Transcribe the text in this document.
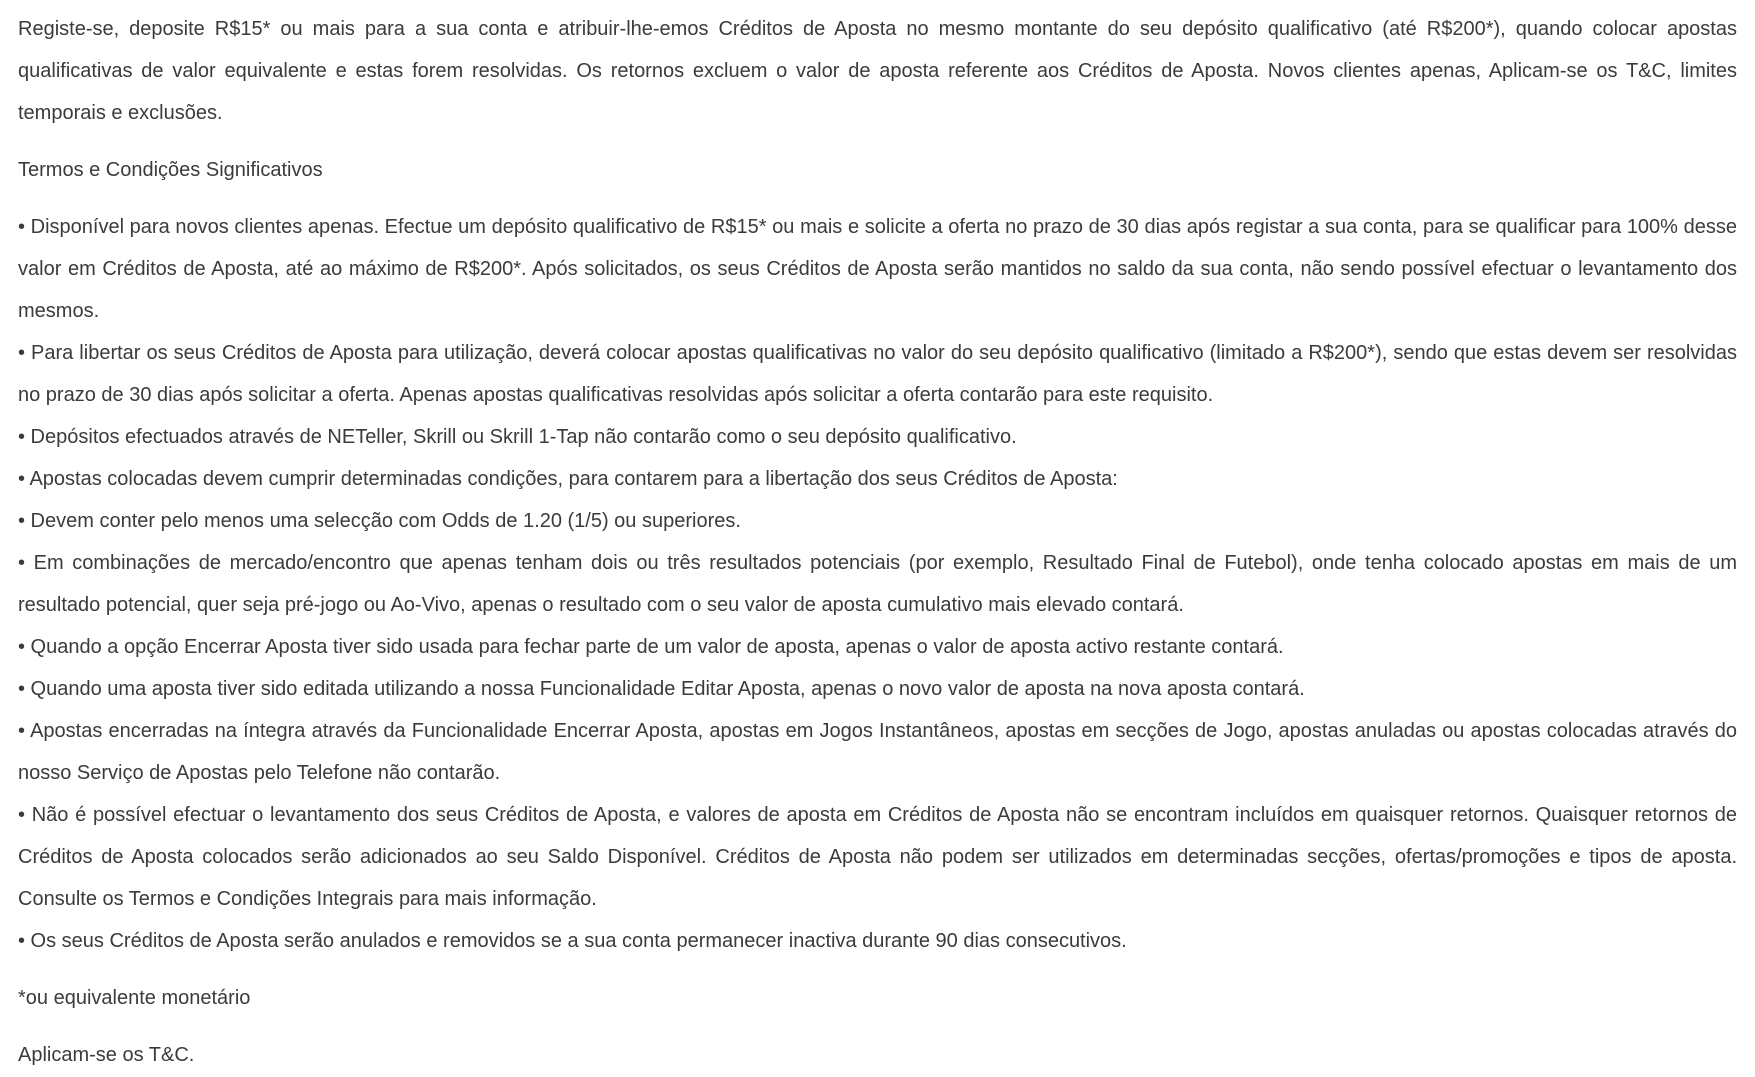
Registe-se, deposite R$15* ou mais para a sua conta e atribuir-lhe-emos Créditos de Aposta no mesmo montante do seu depósito qualificativo (até R$200*), quando colocar apostas qualificativas de valor equivalente e estas forem resolvidas. Os retornos excluem o valor de aposta referente aos Créditos de Aposta. Novos clientes apenas, Aplicam-se os T&C, limites temporais e exclusões.

Termos e Condições Significativos

• Disponível para novos clientes apenas. Efectue um depósito qualificativo de R$15* ou mais e solicite a oferta no prazo de 30 dias após registar a sua conta, para se qualificar para 100% desse valor em Créditos de Aposta, até ao máximo de R$200*. Após solicitados, os seus Créditos de Aposta serão mantidos no saldo da sua conta, não sendo possível efectuar o levantamento dos mesmos.

• Para libertar os seus Créditos de Aposta para utilização, deverá colocar apostas qualificativas no valor do seu depósito qualificativo (limitado a R$200*), sendo que estas devem ser resolvidas no prazo de 30 dias após solicitar a oferta. Apenas apostas qualificativas resolvidas após solicitar a oferta contarão para este requisito.

• Depósitos efectuados através de NETeller, Skrill ou Skrill 1-Tap não contarão como o seu depósito qualificativo.

• Apostas colocadas devem cumprir determinadas condições, para contarem para a libertação dos seus Créditos de Aposta:

• Devem conter pelo menos uma selecção com Odds de 1.20 (1/5) ou superiores.

• Em combinações de mercado/encontro que apenas tenham dois ou três resultados potenciais (por exemplo, Resultado Final de Futebol), onde tenha colocado apostas em mais de um resultado potencial, quer seja pré-jogo ou Ao-Vivo, apenas o resultado com o seu valor de aposta cumulativo mais elevado contará.

• Quando a opção Encerrar Aposta tiver sido usada para fechar parte de um valor de aposta, apenas o valor de aposta activo restante contará.

• Quando uma aposta tiver sido editada utilizando a nossa Funcionalidade Editar Aposta, apenas o novo valor de aposta na nova aposta contará.

• Apostas encerradas na íntegra através da Funcionalidade Encerrar Aposta, apostas em Jogos Instantâneos, apostas em secções de Jogo, apostas anuladas ou apostas colocadas através do nosso Serviço de Apostas pelo Telefone não contarão.

• Não é possível efectuar o levantamento dos seus Créditos de Aposta, e valores de aposta em Créditos de Aposta não se encontram incluídos em quaisquer retornos. Quaisquer retornos de Créditos de Aposta colocados serão adicionados ao seu Saldo Disponível. Créditos de Aposta não podem ser utilizados em determinadas secções, ofertas/promoções e tipos de aposta. Consulte os Termos e Condições Integrais para mais informação.

• Os seus Créditos de Aposta serão anulados e removidos se a sua conta permanecer inactiva durante 90 dias consecutivos.

*ou equivalente monetário

Aplicam-se os T&C.
